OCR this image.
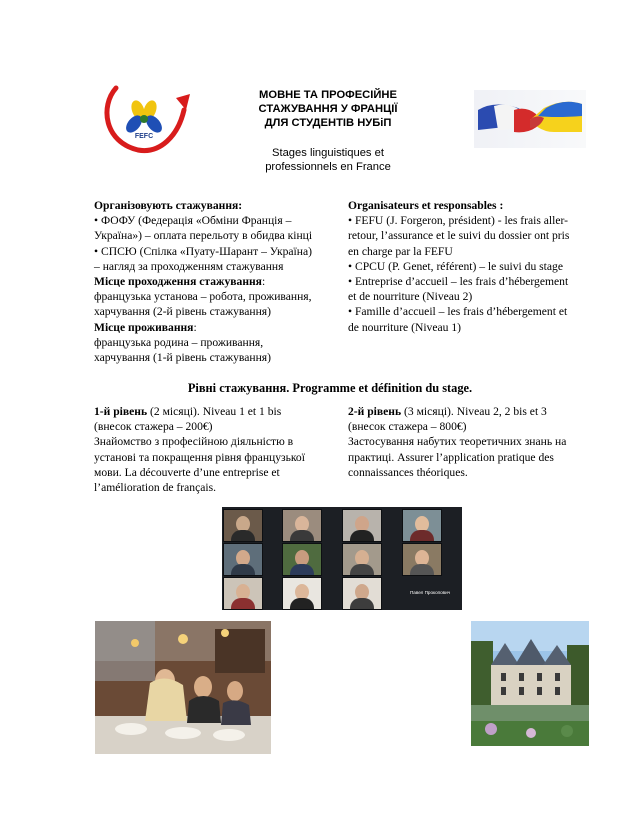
FEFC
МОВНЕ ТА ПРОФЕСІЙНЕ
СТАЖУВАННЯ У ФРАНЦІЇ
ДЛЯ СТУДЕНТІВ НУБіП
Stages linguistiques et
professionnels en France
Організовують стажування:
• ФОФУ (Федерація «Обміни Франція –
Україна») – оплата перельоту в обидва кінці
• СПСЮ (Спілка «Пуату-Шарант – Україна)
– нагляд за проходженням стажування
Місце проходження стажування:
французька установа – робота, проживання,
харчування (2-й рівень стажування)
Місце проживання:
французька родина – проживання,
харчування (1-й рівень стажування)
Organisateurs et responsables :
• FEFU (J. Forgeron, président) - les frais aller-
retour, l’assurance et le suivi du dossier ont pris
en charge par la FEFU
• CPCU (P. Genet, référent) – le suivi du stage
• Entreprise d’accueil – les frais d’hébergement
et de nourriture (Niveau 2)
• Famille d’accueil – les frais d’hébergement et
de nourriture (Niveau 1)
Рівні стажування. Programme et définition du stage.
1-й рівень (2 місяці). Niveau 1 et 1 bis
(внесок стажера – 200€)
Знайомство з професійною діяльністю в
установі та покращення рівня французької
мови. La découverte d’une entreprise et
l’amélioration de français.
2-й рівень (3 місяці). Niveau 2, 2 bis et 3
(внесок стажера – 800€)
Застосування набутих теоретичних знань на
практиці. Assurer l’application pratique des
connaissances théoriques.
Павел Прокопович
